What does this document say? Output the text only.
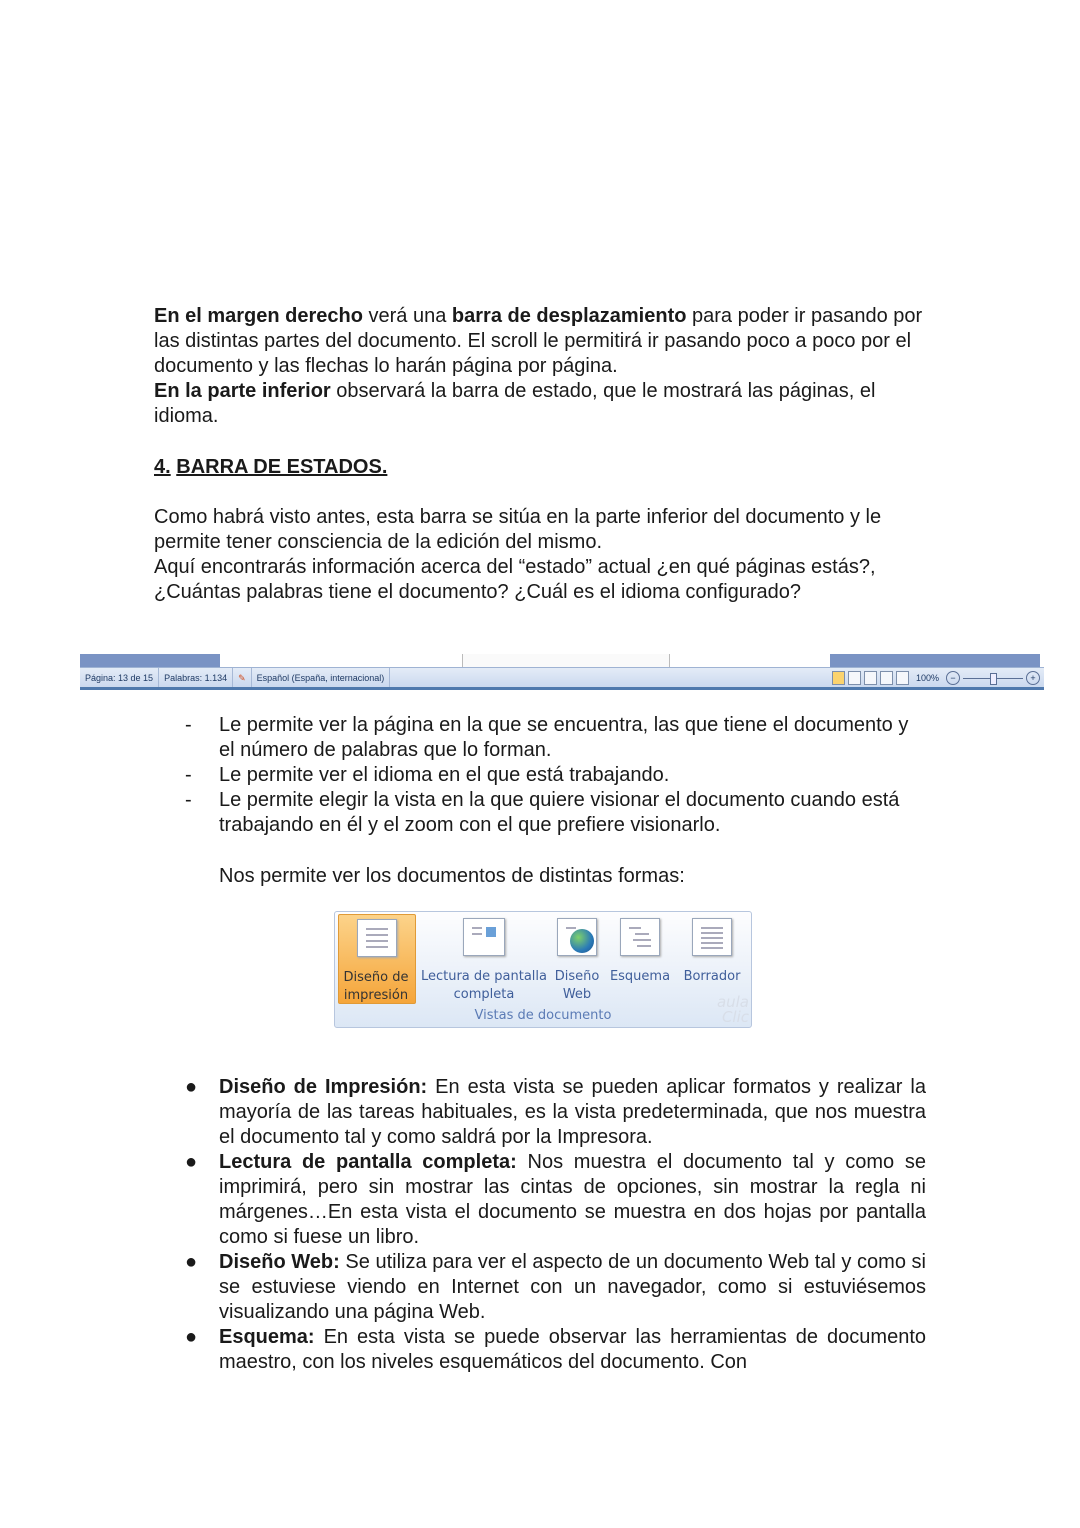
En el margen derecho verá una barra de desplazamiento para poder ir pasando por las distintas partes del documento. El scroll le permitirá ir pasando poco a poco por el documento y las flechas lo harán página por página.
En la parte inferior observará la barra de estado, que le mostrará las páginas, el idioma.
4. BARRA DE ESTADOS.
Como habrá visto antes, esta barra se sitúa en la parte inferior del documento y le permite tener consciencia de la edición del mismo.
Aquí encontrarás información acerca del “estado” actual ¿en qué páginas estás?, ¿Cuántas palabras tiene el documento? ¿Cuál es el idioma configurado?
Página: 13 de 15	Palabras: 1.134	✎	Español (España, internacional)	100%	−	+
- Le permite ver la página en la que se encuentra, las que tiene el documento y el número de palabras que lo forman.
- Le permite ver el idioma en el que está trabajando.
- Le permite elegir la vista en la que quiere visionar el documento cuando está trabajando en él y el zoom con el que prefiere visionarlo.
Nos permite ver los documentos de distintas formas:
Diseño de impresión
Lectura de pantalla completa
Diseño Web
Esquema	Borrador
Vistas de documento
aula Clic
● Diseño de Impresión: En esta vista se pueden aplicar formatos y realizar la mayoría de las tareas habituales, es la vista predeterminada, que nos muestra el documento tal y como saldrá por la Impresora.
● Lectura de pantalla completa: Nos muestra el documento tal y como se imprimirá, pero sin mostrar las cintas de opciones, sin mostrar la regla ni márgenes…En esta vista el documento se muestra en dos hojas por pantalla como si fuese un libro.
● Diseño Web: Se utiliza para ver el aspecto de un documento Web tal y como si se estuviese viendo en Internet con un navegador, como si estuviésemos visualizando una página Web.
● Esquema: En esta vista se puede observar las herramientas de documento maestro, con los niveles esquemáticos del documento. Con
